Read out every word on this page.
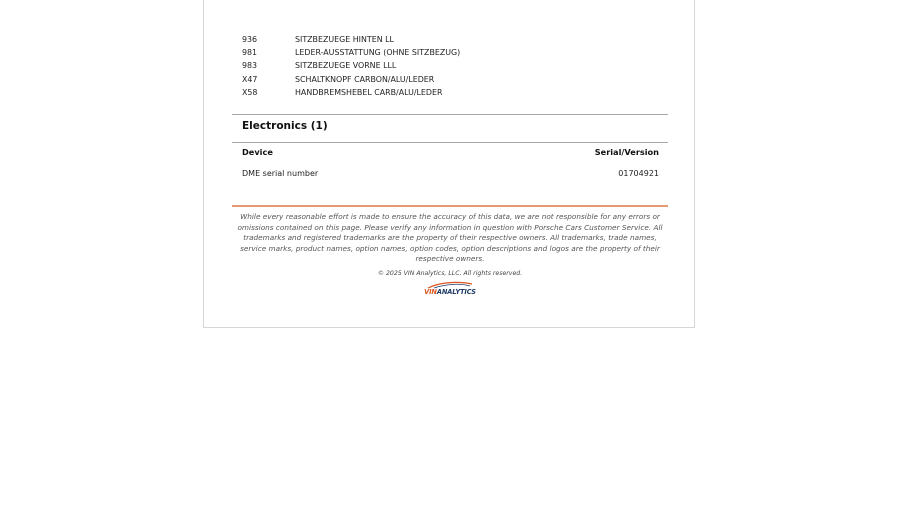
936	SITZBEZUEGE HINTEN LL
981	LEDER-AUSSTATTUNG (OHNE SITZBEZUG)
983	SITZBEZUEGE VORNE LLL
X47	SCHALTKNOPF CARBON/ALU/LEDER
X58	HANDBREMSHEBEL CARB/ALU/LEDER
Electronics (1)
Device	Serial/Version
DME serial number	01704921
While every reasonable effort is made to ensure the accuracy of this data, we are not responsible for any errors or omissions contained on this page. Please verify any information in question with Porsche Cars Customer Service. All trademarks and registered trademarks are the property of their respective owners. All trademarks, trade names, service marks, product names, option names, option codes, option descriptions and logos are the property of their respective owners.
© 2025 VIN Analytics, LLC. All rights reserved.
VINANALYTICS
